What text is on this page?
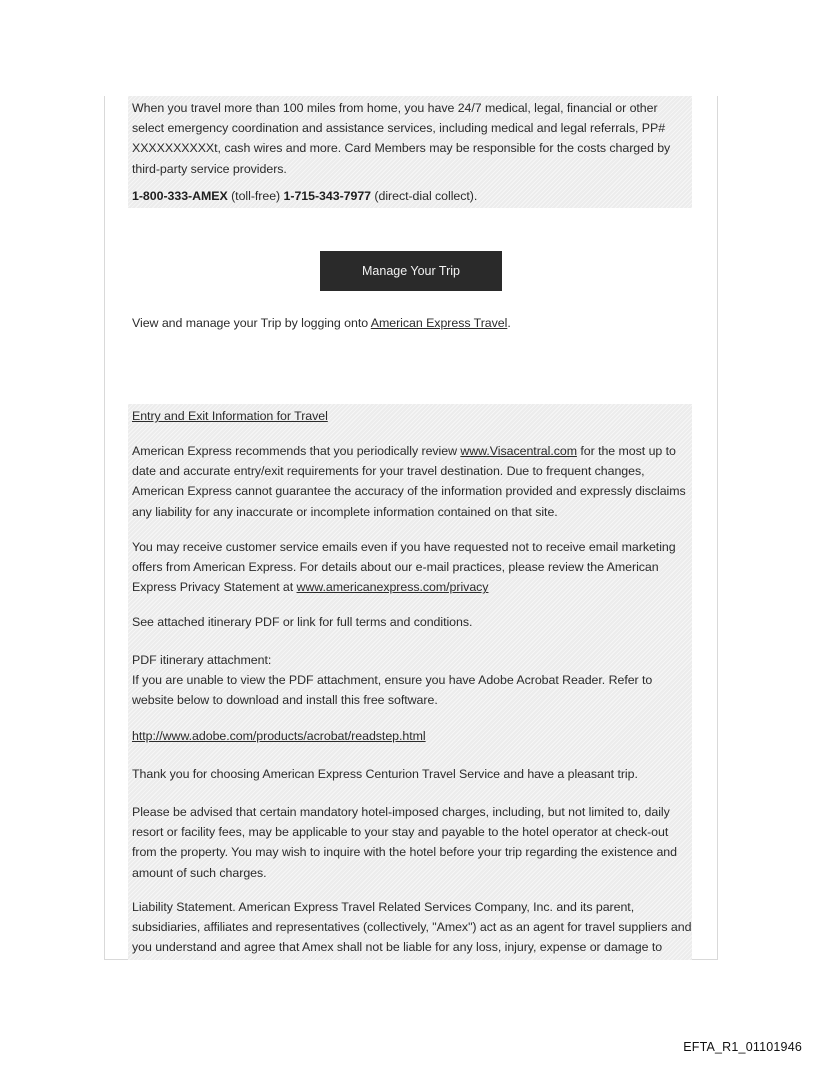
When you travel more than 100 miles from home, you have 24/7 medical, legal, financial or other select emergency coordination and assistance services, including medical and legal referrals, PP# XXXXXXXXXXt, cash wires and more. Card Members may be responsible for the costs charged by third-party service providers.

1-800-333-AMEX (toll-free) 1-715-343-7977 (direct-dial collect).

Manage Your Trip

View and manage your Trip by logging onto American Express Travel.

Entry and Exit Information for Travel

American Express recommends that you periodically review www.Visacentral.com for the most up to date and accurate entry/exit requirements for your travel destination. Due to frequent changes, American Express cannot guarantee the accuracy of the information provided and expressly disclaims any liability for any inaccurate or incomplete information contained on that site.

You may receive customer service emails even if you have requested not to receive email marketing offers from American Express. For details about our e-mail practices, please review the American Express Privacy Statement at www.americanexpress.com/privacy

See attached itinerary PDF or link for full terms and conditions.

PDF itinerary attachment:
If you are unable to view the PDF attachment, ensure you have Adobe Acrobat Reader. Refer to website below to download and install this free software.

http://www.adobe.com/products/acrobat/readstep.html

Thank you for choosing American Express Centurion Travel Service and have a pleasant trip.

Please be advised that certain mandatory hotel-imposed charges, including, but not limited to, daily resort or facility fees, may be applicable to your stay and payable to the hotel operator at check-out from the property. You may wish to inquire with the hotel before your trip regarding the existence and amount of such charges.

Liability Statement. American Express Travel Related Services Company, Inc. and its parent, subsidiaries, affiliates and representatives (collectively, "Amex") act as an agent for travel suppliers and you understand and agree that Amex shall not be liable for any loss, injury, expense or damage to

EFTA_R1_01101946
